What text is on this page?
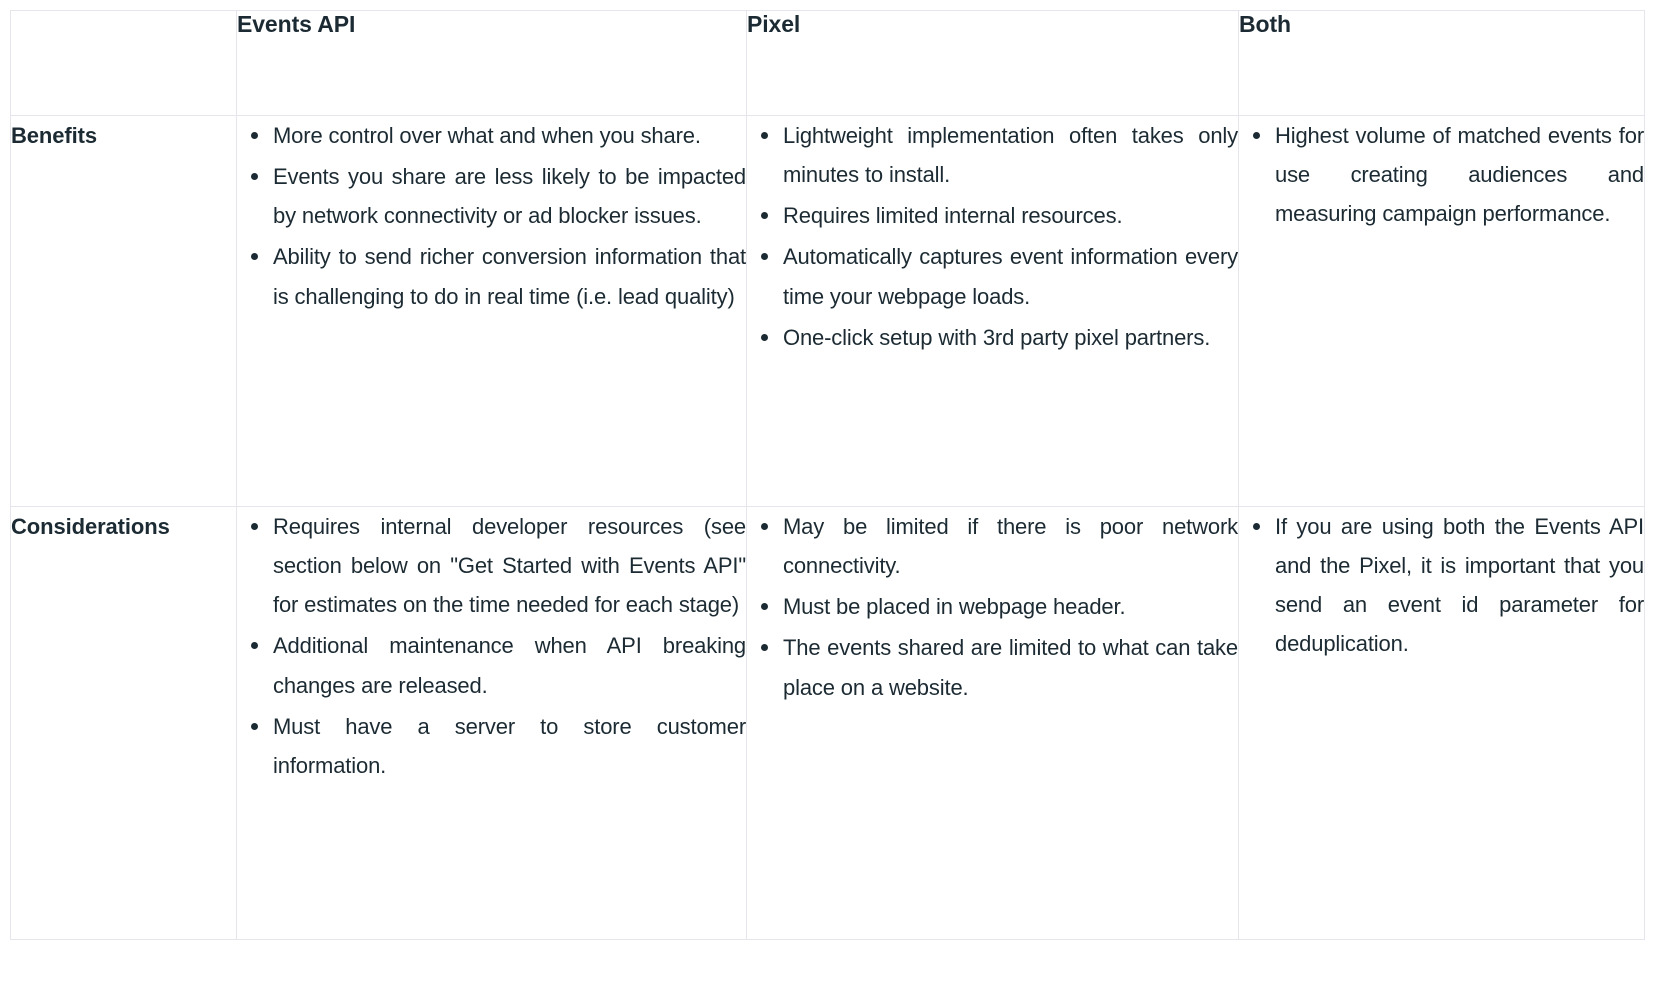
	Events API	Pixel	Both
Benefits	More control over what and when you share.
Events you share are less likely to be impacted by network connectivity or ad blocker issues.
Ability to send richer conversion information that is challenging to do in real time (i.e. lead quality)

Lightweight implementation often takes only minutes to install.
Requires limited internal resources.
Automatically captures event information every time your webpage loads.
One-click setup with 3rd party pixel partners.

Highest volume of matched events for use creating audiences and measuring campaign performance.

Considerations	Requires internal developer resources (see section below on "Get Started with Events API" for estimates on the time needed for each stage)
Additional maintenance when API breaking changes are released.
Must have a server to store customer information.

May be limited if there is poor network connectivity.
Must be placed in webpage header.
The events shared are limited to what can take place on a website.

If you are using both the Events API and the Pixel, it is important that you send an event id parameter for deduplication.
